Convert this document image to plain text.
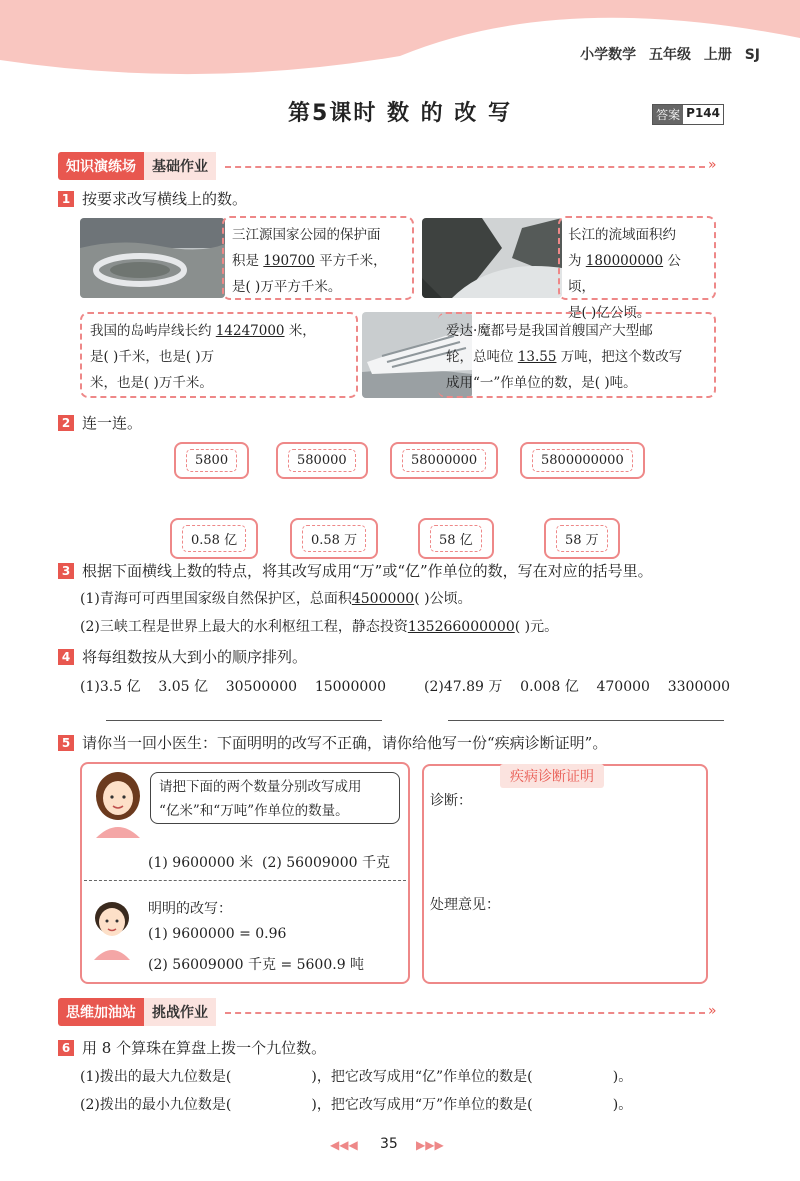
小学数学 五年级 上册 SJ
第5课时 数 的 改 写	答案 P144
知识演练场	基础作业	»
1 按要求改写横线上的数。
三江源国家公园的保护面
积是 190700 平方千米，
是( )万平方千米。
长江的流域面积约
为 180000000 公顷，
是( )亿公顷。
我国的岛屿岸线长约 14247000 米，
是( )千米，也是( )万
米，也是( )万千米。
爱达·魔都号是我国首艘国产大型邮
轮，总吨位 13.55 万吨，把这个数改写
成用“一”作单位的数，是( )吨。
2 连一连。
5800	580000	58000000	5800000000
0.58 亿	0.58 万	58 亿	58 万
3 根据下面横线上数的特点，将其改写成用“万”或“亿”作单位的数，写在对应的括号里。
(1)青海可可西里国家级自然保护区，总面积4500000( )公顷。
(2)三峡工程是世界上最大的水利枢纽工程，静态投资135266000000( )元。
4 将每组数按从大到小的顺序排列。
(1)3.5 亿    3.05 亿    30500000    15000000	(2)47.89 万    0.008 亿    470000    3300000
5 请你当一回小医生：下面明明的改写不正确，请你给他写一份“疾病诊断证明”。
请把下面的两个数量分别改写成用
“亿米”和“万吨”作单位的数量。
(1) 9600000 米  (2) 56009000 千克
明明的改写：
(1) 9600000 = 0.96
(2) 56009000 千克 = 5600.9 吨
疾病诊断证明
诊断：
处理意见：
思维加油站	挑战作业	»
6 用 8 个算珠在算盘上拨一个九位数。
(1)拨出的最大九位数是(                  )，把它改写成用“亿”作单位的数是(                  )。
(2)拨出的最小九位数是(                  )，把它改写成用“万”作单位的数是(                  )。
◀◀◀ 35 ▶▶▶
